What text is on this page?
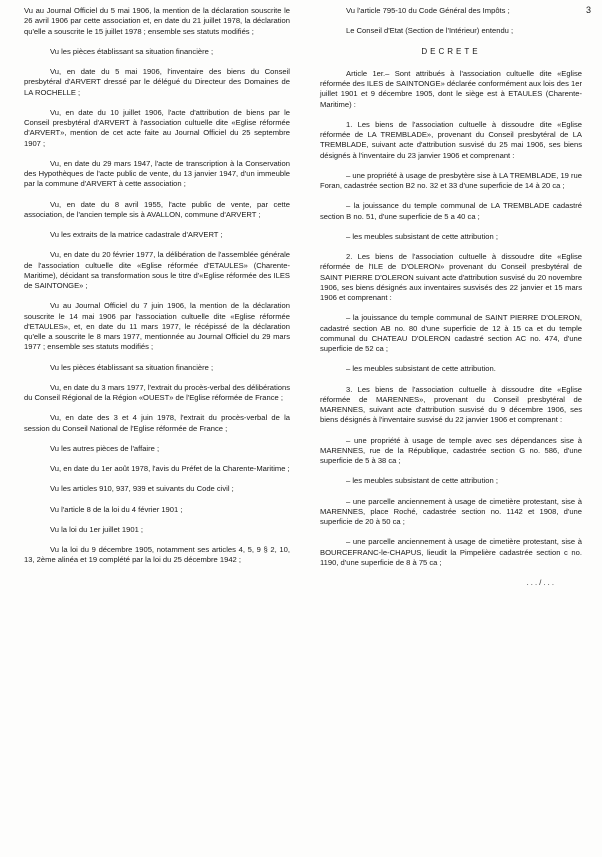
3

Vu au Journal Officiel du 5 mai 1906, la mention de la déclaration souscrite le 26 avril 1906 par cette association et, en date du 21 juillet 1978, la déclaration qu'elle a souscrite le 15 juillet 1978 ; ensemble ses statuts modifiés ;

Vu les pièces établissant sa situation financière ;

Vu, en date du 5 mai 1906, l'inventaire des biens du Conseil presbytéral d'ARVERT dressé par le délégué du Directeur des Domaines de LA ROCHELLE ;

Vu, en date du 10 juillet 1906, l'acte d'attribution de biens par le Conseil presbytéral d'ARVERT à l'association cultuelle dite «Eglise réformée d'ARVERT», mention de cet acte faite au Journal Officiel du 25 septembre 1907 ;

Vu, en date du 29 mars 1947, l'acte de transcription à la Conservation des Hypothèques de l'acte public de vente, du 13 janvier 1947, d'un immeuble par la commune d'ARVERT à cette association ;

Vu, en date du 8 avril 1955, l'acte public de vente, par cette association, de l'ancien temple sis à AVALLON, commune d'ARVERT ;

Vu les extraits de la matrice cadastrale d'ARVERT ;

Vu, en date du 20 février 1977, la délibération de l'assemblée générale de l'association cultuelle dite «Eglise réformée d'ETAULES» (Charente-Maritime), décidant sa transformation sous le titre d'«Eglise réformée des ILES de SAINTONGE» ;

Vu au Journal Officiel du 7 juin 1906, la mention de la déclaration souscrite le 14 mai 1906 par l'association cultuelle dite «Eglise réformée d'ETAULES», et, en date du 11 mars 1977, le récépissé de la déclaration qu'elle a souscrite le 8 mars 1977, mentionnée au Journal Officiel du 29 mars 1977 ; ensemble ses statuts modifiés ;

Vu les pièces établissant sa situation financière ;

Vu, en date du 3 mars 1977, l'extrait du procès-verbal des délibérations du Conseil Régional de la Région «OUEST» de l'Eglise réformée de France ;

Vu, en date des 3 et 4 juin 1978, l'extrait du procès-verbal de la session du Conseil National de l'Eglise réformée de France ;

Vu les autres pièces de l'affaire ;

Vu, en date du 1er août 1978, l'avis du Préfet de la Charente-Maritime ;

Vu les articles 910, 937, 939 et suivants du Code civil ;

Vu l'article 8 de la loi du 4 février 1901 ;

Vu la loi du 1er juillet 1901 ;

Vu la loi du 9 décembre 1905, notamment ses articles 4, 5, 9 § 2, 10, 13, 2ème alinéa et 19 complété par la loi du 25 décembre 1942 ;

Vu l'article 795-10 du Code Général des Impôts ;

Le Conseil d'Etat (Section de l'Intérieur) entendu ;

DECRETE

Article 1er.– Sont attribués à l'association cultuelle dite «Eglise réformée des ILES de SAINTONGE» déclarée conformément aux lois des 1er juillet 1901 et 9 décembre 1905, dont le siège est à ETAULES (Charente-Maritime) :

1. Les biens de l'association cultuelle à dissoudre dite «Eglise réformée de LA TREMBLADE», provenant du Conseil presbytéral de LA TREMBLADE, suivant acte d'attribution susvisé du 25 mai 1906, ses biens désignés à l'inventaire du 23 janvier 1906 et comprenant :

– une propriété à usage de presbytère sise à LA TREMBLADE, 19 rue Foran, cadastrée section B2 no. 32 et 33 d'une superficie de 14 à 20 ca ;

– la jouissance du temple communal de LA TREMBLADE cadastré section B no. 51, d'une superficie de 5 a 40 ca ;

– les meubles subsistant de cette attribution ;

2. Les biens de l'association cultuelle à dissoudre dite «Eglise réformée de l'ILE de D'OLERON» provenant du Conseil presbytéral de SAINT PIERRE D'OLERON suivant acte d'attribution susvisé du 20 novembre 1906, ses biens désignés aux inventaires susvisés des 22 janvier et 15 mars 1906 et comprenant :

– la jouissance du temple communal de SAINT PIERRE D'OLERON, cadastré section AB no. 80 d'une superficie de 12 à 15 ca et du temple communal du CHATEAU D'OLERON cadastré section AC no. 474, d'une superficie de 52 ca ;

– les meubles subsistant de cette attribution.

3. Les biens de l'association cultuelle à dissoudre dite «Eglise réformée de MARENNES», provenant du Conseil presbytéral de MARENNES, suivant acte d'attribution susvisé du 9 décembre 1906, ses biens désignés à l'inventaire susvisé du 22 janvier 1906 et comprenant :

– une propriété à usage de temple avec ses dépendances sise à MARENNES, rue de la République, cadastrée section G no. 586, d'une superficie de 5 à 38 ca ;

– les meubles subsistant de cette attribution ;

– une parcelle anciennement à usage de cimetière protestant, sise à MARENNES, place Roché, cadastrée section no. 1142 et 1908, d'une superficie de 20 à 50 ca ;

– une parcelle anciennement à usage de cimetière protestant, sise à BOURCEFRANC-le-CHAPUS, lieudit la Pimpelière cadastrée section c no. 1190, d'une superficie de 8 à 75 ca ;

. . . / . . .
